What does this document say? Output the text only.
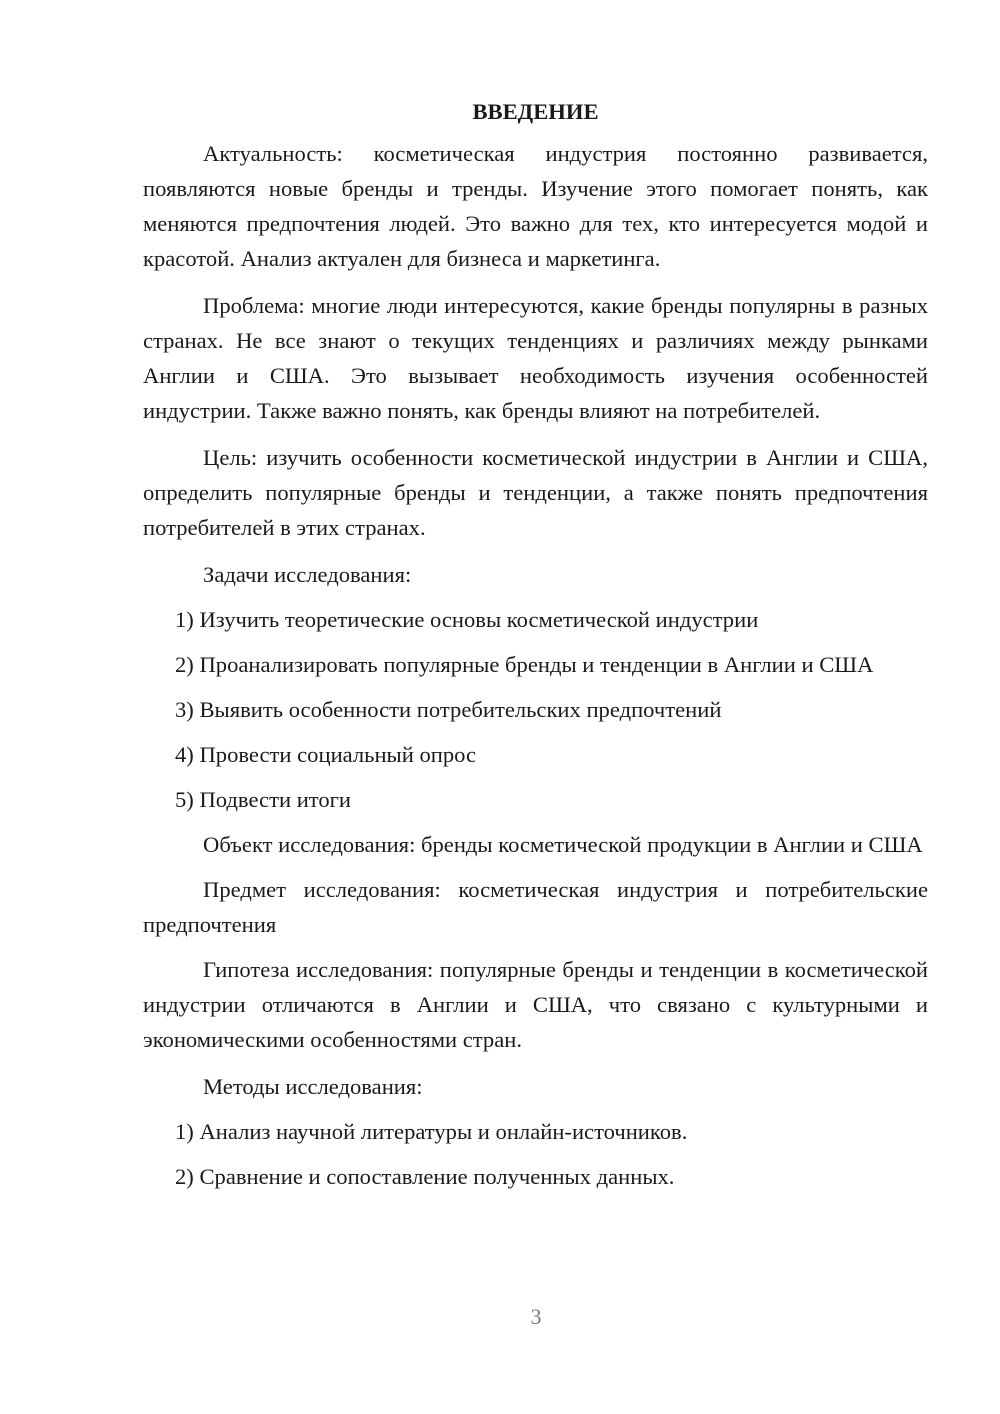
ВВЕДЕНИЕ

Актуальность: косметическая индустрия постоянно развивается, появляются новые бренды и тренды. Изучение этого помогает понять, как меняются предпочтения людей. Это важно для тех, кто интересуется модой и красотой. Анализ актуален для бизнеса и маркетинга.

Проблема: многие люди интересуются, какие бренды популярны в разных странах. Не все знают о текущих тенденциях и различиях между рынками Англии и США. Это вызывает необходимость изучения особенностей индустрии. Также важно понять, как бренды влияют на потребителей.

Цель: изучить особенности косметической индустрии в Англии и США, определить популярные бренды и тенденции, а также понять предпочтения потребителей в этих странах.

Задачи исследования:

1) Изучить теоретические основы косметической индустрии

2) Проанализировать популярные бренды и тенденции в Англии и США

3) Выявить особенности потребительских предпочтений

4) Провести социальный опрос

5) Подвести итоги

Объект исследования: бренды косметической продукции в Англии и США

Предмет исследования: косметическая индустрия и потребительские предпочтения

Гипотеза исследования: популярные бренды и тенденции в косметической индустрии отличаются в Англии и США, что связано с культурными и экономическими особенностями стран.

Методы исследования:

1) Анализ научной литературы и онлайн-источников.

2) Сравнение и сопоставление полученных данных.

3
